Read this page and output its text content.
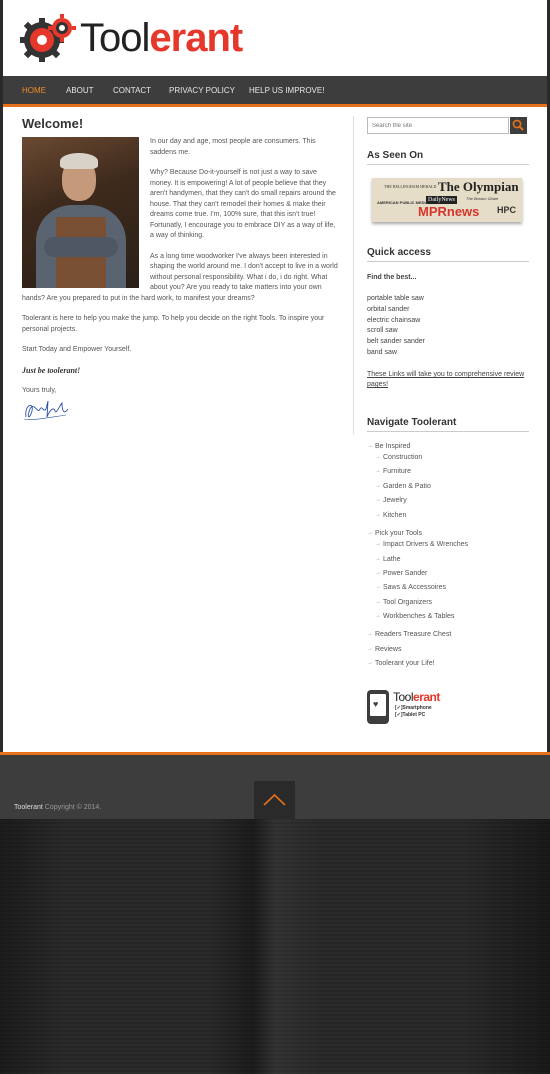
Toolerant
HOME	ABOUT CONTACT PRIVACY POLICY HELP US IMPROVE!
Welcome!

In our day and age, most people are consumers. This saddens me.

Why? Because Do-it-yourself is not just a way to save money. It is empowering! A lot of people believe that they aren't handymen, that they can't do small repairs around the house. That they can't remodel their homes & make their dreams come true. I'm, 100% sure, that this isn't true! Fortunatly, I encourage you to embrace DIY as a way of life, a way of thinking.

As a long time woodworker I've always been interested in shaping the world around me. I don't accept to live in a world without personal responsibility. What i do, i do right. What about you? Are you ready to take matters into your own hands? Are you prepared to put in the hard work, to manifest your dreams?

Toolerant is here to help you make the jump. To help you decide on the right Tools. To inspire your personal projects.

Start Today and Empower Yourself.

Just be toolerant!

Yours truly,

Search the site
As Seen On
THE BELLINGHAM HERALD The Olympian
DailyNews	The Boston Globe
AMERICAN PUBLIC MEDIA
MPRnews HPC
Quick access
Find the best...
portable table saw
orbital sander
electric chainsaw
scroll saw
belt sander sander
band saw
These Links will take you to comprehensive review pages!
Navigate Toolerant
→ Be Inspired
→ Construction
→ Furniture
→ Garden & Patio
→ Jewelry
→ Kitchen
→ Pick your Tools
→ Impact Drivers & Wrenches
→ Lathe
→ Power Sander
→ Saws & Accessoires
→ Tool Organizers
→ Workbenches & Tables
→ Readers Treasure Chest
→ Reviews
→ Toolerant your Life!
♥ Toolerant
[✓]Smartphone
[✓]Tablet PC
Toolerant Copyright © 2014.
